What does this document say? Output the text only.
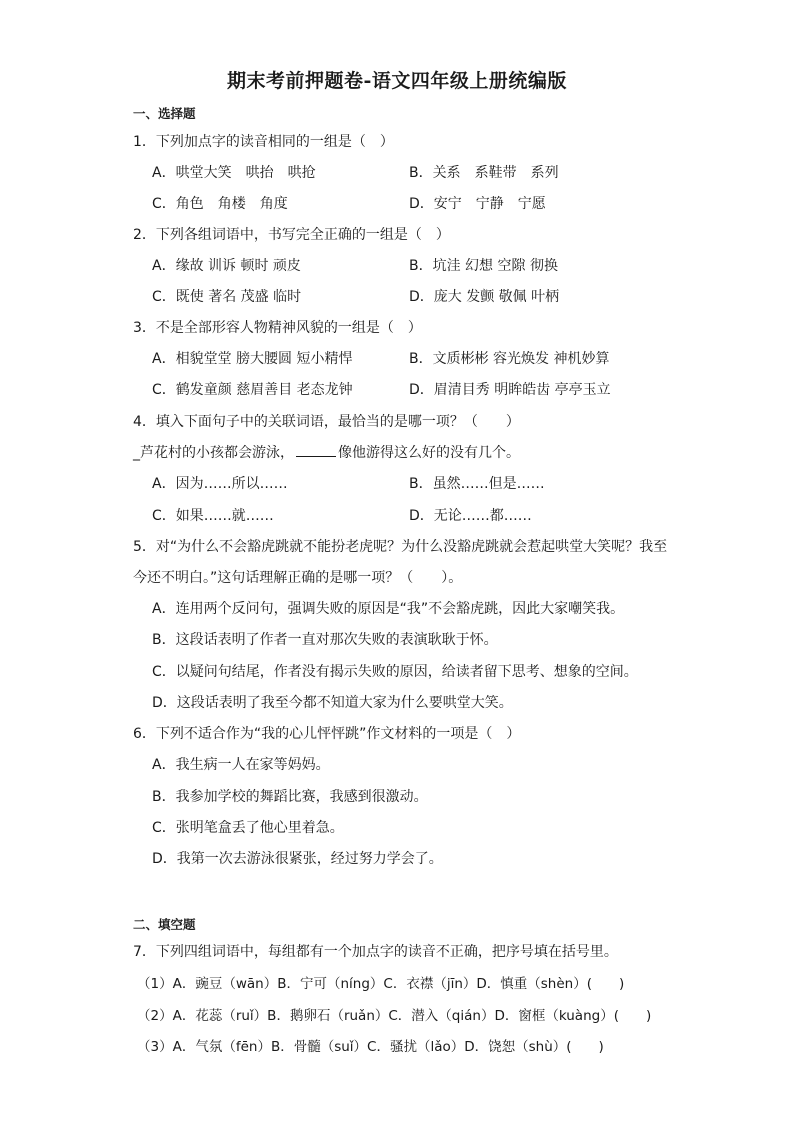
期末考前押题卷-语文四年级上册统编版
一、选择题
1．下列加点字的读音相同的一组是（　）
A．哄堂大笑　哄抬　哄抢	B．关系　系鞋带　系列
C．角色　角楼　角度	D．安宁　宁静　宁愿
2．下列各组词语中，书写完全正确的一组是（　）
A．缘故 训诉 顿时 顽皮	B．坑洼 幻想 空隙 彻换
C．既使 著名 茂盛 临时	D．庞大 发颤 敬佩 叶柄
3．不是全部形容人物精神风貌的一组是（　）
A．相貌堂堂 膀大腰圆 短小精悍	B．文质彬彬 容光焕发 神机妙算
C．鹤发童颜 慈眉善目 老态龙钟	D．眉清目秀 明眸皓齿 亭亭玉立
4．填入下面句子中的关联词语，最恰当的是哪一项？（　　）
_芦花村的小孩都会游泳，	像他游得这么好的没有几个。
A．因为……所以……	B．虽然……但是……
C．如果……就……	D．无论……都……
5．对“为什么不会豁虎跳就不能扮老虎呢？为什么没豁虎跳就会惹起哄堂大笑呢？我至
今还不明白。”这句话理解正确的是哪一项？（　　）。
A．连用两个反问句，强调失败的原因是“我”不会豁虎跳，因此大家嘲笑我。
B．这段话表明了作者一直对那次失败的表演耿耿于怀。
C．以疑问句结尾，作者没有揭示失败的原因，给读者留下思考、想象的空间。
D．这段话表明了我至今都不知道大家为什么要哄堂大笑。
6．下列不适合作为“我的心儿怦怦跳”作文材料的一项是（　）
A．我生病一人在家等妈妈。
B．我参加学校的舞蹈比赛，我感到很激动。
C．张明笔盒丢了他心里着急。
D．我第一次去游泳很紧张，经过努力学会了。
二、填空题
7．下列四组词语中，每组都有一个加点字的读音不正确，把序号填在括号里。
（1）A．豌豆（wān）B．宁可（níng）C．衣襟（jīn）D．慎重（shèn）(　　)
（2）A．花蕊（ruǐ）B．鹅卵石（ruǎn）C．潜入（qián）D．窗框（kuàng）(　　)
（3）A．气氛（fēn）B．骨髓（suǐ）C．骚扰（lǎo）D．饶恕（shù）(　　)
